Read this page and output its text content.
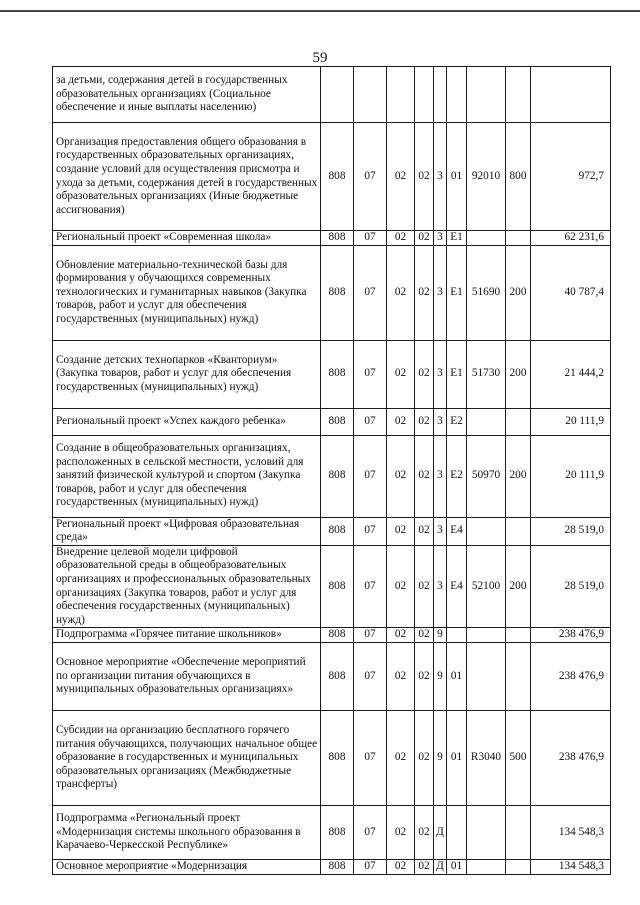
59
за детьми, содержания детей в государственных образовательных организациях (Социальное обеспечение и иные выплаты населению)									
Организация предоставления общего образования в государственных образовательных организациях, создание условий для осуществления присмотра и ухода за детьми, содержания детей в государственных образовательных организациях (Иные бюджетные ассигнования)	808	07	02	02	3	01	92010	800	972,7
Региональный проект «Современная школа»	808	07	02	02	3	E1			62 231,6
Обновление материально-технической базы для формирования у обучающихся современных технологических и гуманитарных навыков (Закупка товаров, работ и услуг для обеспечения государственных (муниципальных) нужд)	808	07	02	02	3	E1	51690	200	40 787,4
Создание детских технопарков «Кванториум» (Закупка товаров, работ и услуг для обеспечения государственных (муниципальных) нужд)	808	07	02	02	3	E1	51730	200	21 444,2
Региональный проект «Успех каждого ребенка»	808	07	02	02	3	E2			20 111,9
Создание в общеобразовательных организациях, расположенных в сельской местности, условий для занятий физической культурой и спортом (Закупка товаров, работ и услуг для обеспечения государственных (муниципальных) нужд)	808	07	02	02	3	E2	50970	200	20 111,9
Региональный проект «Цифровая образовательная среда»	808	07	02	02	3	E4			28 519,0
Внедрение целевой модели цифровой образовательной среды в общеобразовательных организациях и профессиональных образовательных организациях (Закупка товаров, работ и услуг для обеспечения государственных (муниципальных) нужд)	808	07	02	02	3	E4	52100	200	28 519,0
Подпрограмма «Горячее питание школьников»	808	07	02	02	9				238 476,9
Основное мероприятие «Обеспечение мероприятий по организации питания обучающихся в муниципальных образовательных организациях»	808	07	02	02	9	01			238 476,9
Субсидии на организацию бесплатного горячего питания обучающихся, получающих начальное общее образование в государственных и муниципальных образовательных организациях (Межбюджетные трансферты)	808	07	02	02	9	01	R3040	500	238 476,9
Подпрограмма «Региональный проект «Модернизация системы школьного образования в Карачаево-Черкесской Республике»	808	07	02	02	Д				134 548,3
Основное мероприятие «Модернизация	808	07	02	02	Д	01			134 548,3
